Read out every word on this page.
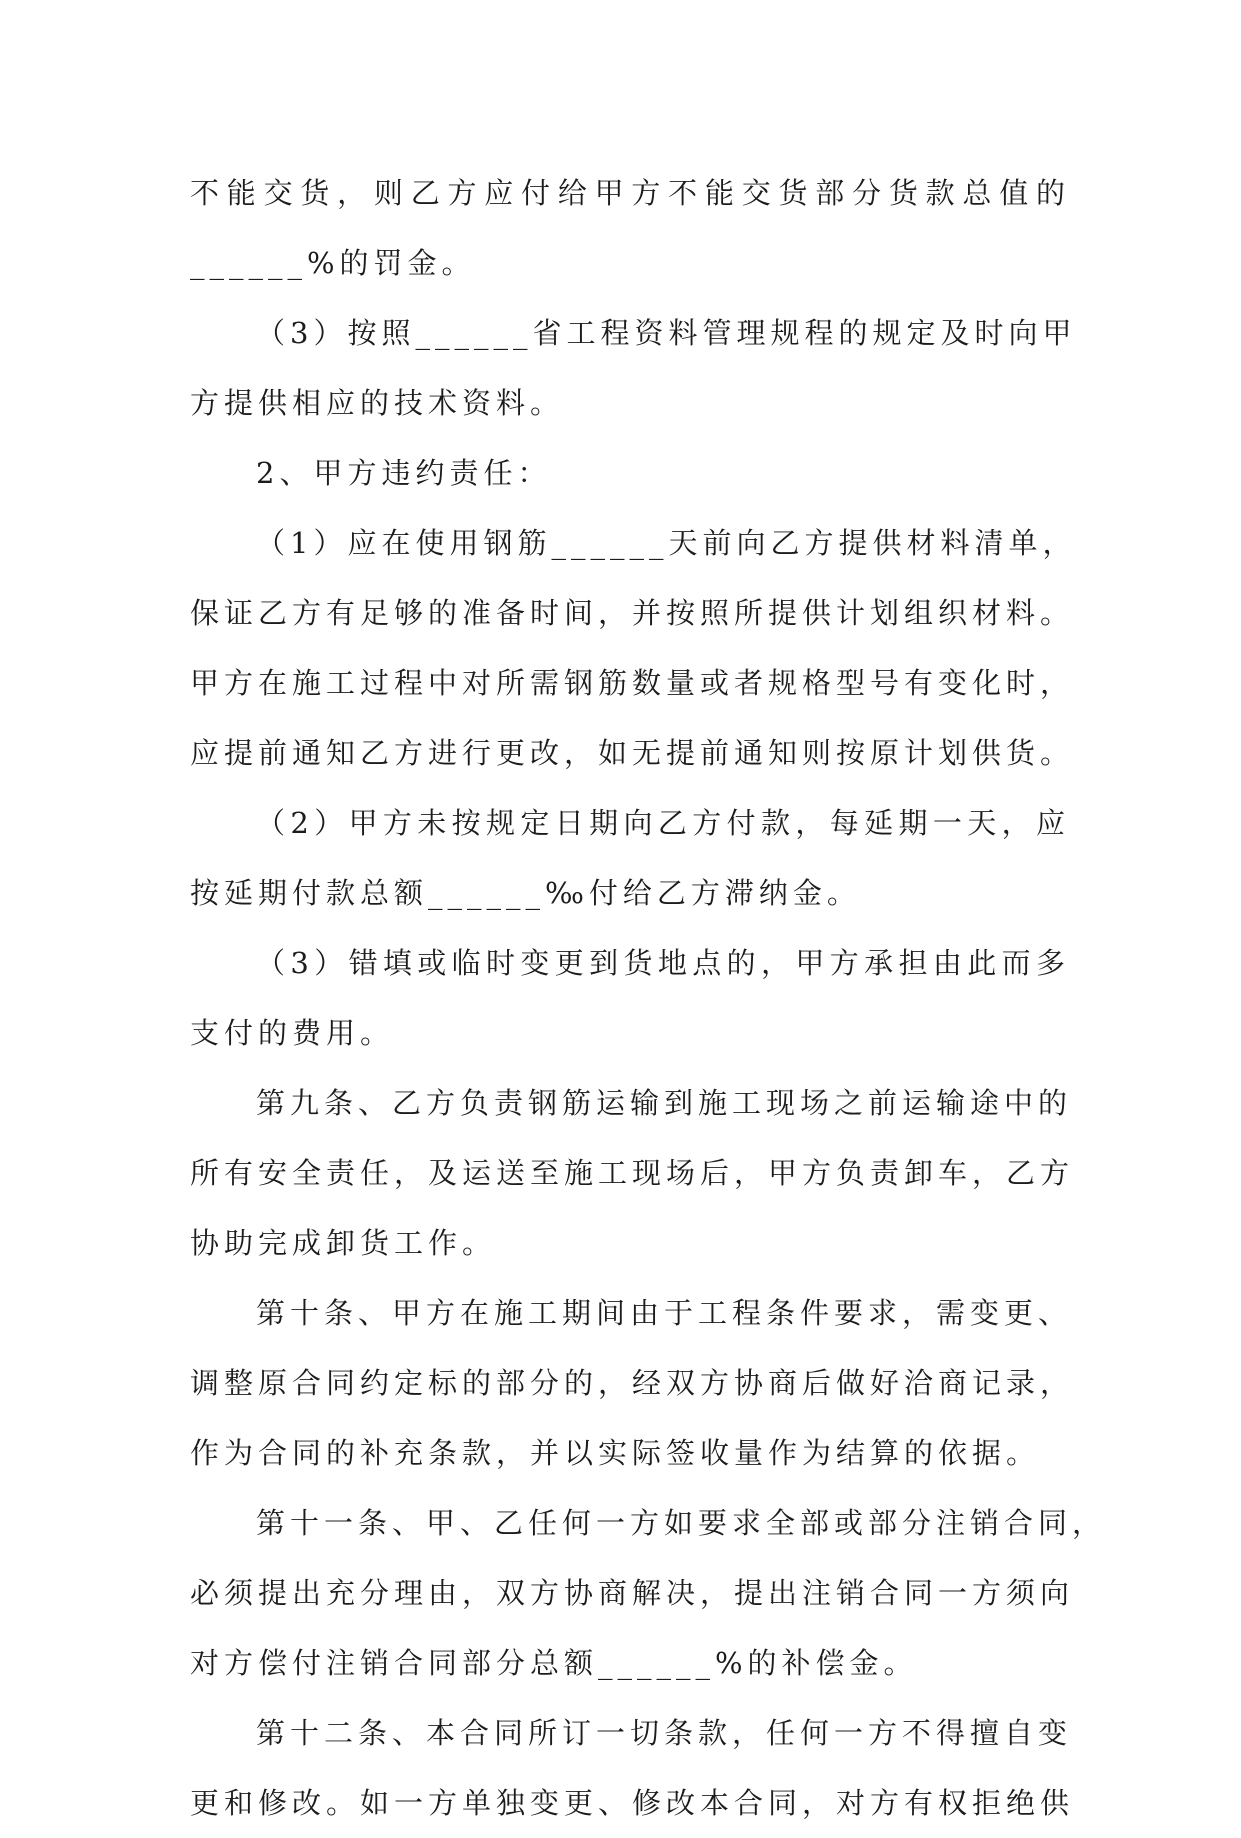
不能交货，则乙方应付给甲方不能交货部分货款总值的
______%的罚金。
（3）按照______省工程资料管理规程的规定及时向甲
方提供相应的技术资料。
2、甲方违约责任：
（1）应在使用钢筋______天前向乙方提供材料清单，
保证乙方有足够的准备时间，并按照所提供计划组织材料。
甲方在施工过程中对所需钢筋数量或者规格型号有变化时，
应提前通知乙方进行更改，如无提前通知则按原计划供货。
（2）甲方未按规定日期向乙方付款，每延期一天，应
按延期付款总额______‰付给乙方滞纳金。
（3）错填或临时变更到货地点的，甲方承担由此而多
支付的费用。
第九条、乙方负责钢筋运输到施工现场之前运输途中的
所有安全责任，及运送至施工现场后，甲方负责卸车，乙方
协助完成卸货工作。
第十条、甲方在施工期间由于工程条件要求，需变更、
调整原合同约定标的部分的，经双方协商后做好洽商记录，
作为合同的补充条款，并以实际签收量作为结算的依据。
第十一条、甲、乙任何一方如要求全部或部分注销合同，
必须提出充分理由，双方协商解决，提出注销合同一方须向
对方偿付注销合同部分总额______%的补偿金。
第十二条、本合同所订一切条款，任何一方不得擅自变
更和修改。如一方单独变更、修改本合同，对方有权拒绝供
